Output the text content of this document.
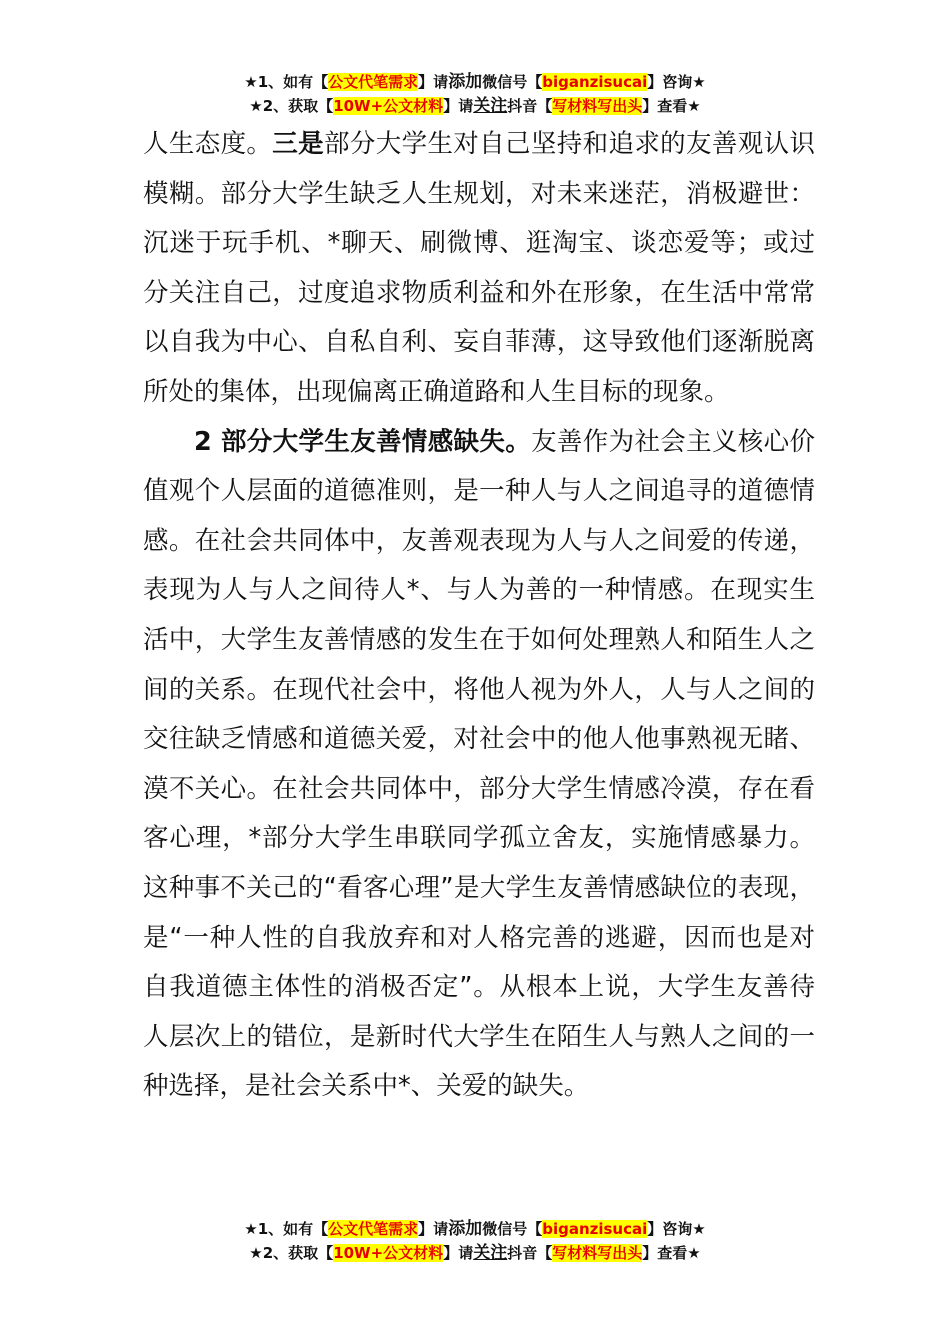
★1、如有【公文代笔需求】请添加微信号【biganzisucai】咨询★
★2、获取【10W+公文材料】请关注抖音【写材料写出头】查看★

人生态度。三是部分大学生对自己坚持和追求的友善观认识模糊。部分大学生缺乏人生规划，对未来迷茫，消极避世：沉迷于玩手机、*聊天、刷微博、逛淘宝、谈恋爱等；或过分关注自己，过度追求物质利益和外在形象，在生活中常常以自我为中心、自私自利、妄自菲薄，这导致他们逐渐脱离所处的集体，出现偏离正确道路和人生目标的现象。

2 部分大学生友善情感缺失。友善作为社会主义核心价值观个人层面的道德准则，是一种人与人之间追寻的道德情感。在社会共同体中，友善观表现为人与人之间爱的传递，表现为人与人之间待人*、与人为善的一种情感。在现实生活中，大学生友善情感的发生在于如何处理熟人和陌生人之间的关系。在现代社会中，将他人视为外人，人与人之间的交往缺乏情感和道德关爱，对社会中的他人他事熟视无睹、漠不关心。在社会共同体中，部分大学生情感冷漠，存在看客心理，*部分大学生串联同学孤立舍友，实施情感暴力。这种事不关己的“看客心理”是大学生友善情感缺位的表现，是“一种人性的自我放弃和对人格完善的逃避，因而也是对自我道德主体性的消极否定”。从根本上说，大学生友善待人层次上的错位，是新时代大学生在陌生人与熟人之间的一种选择，是社会关系中*、关爱的缺失。

★1、如有【公文代笔需求】请添加微信号【biganzisucai】咨询★
★2、获取【10W+公文材料】请关注抖音【写材料写出头】查看★
